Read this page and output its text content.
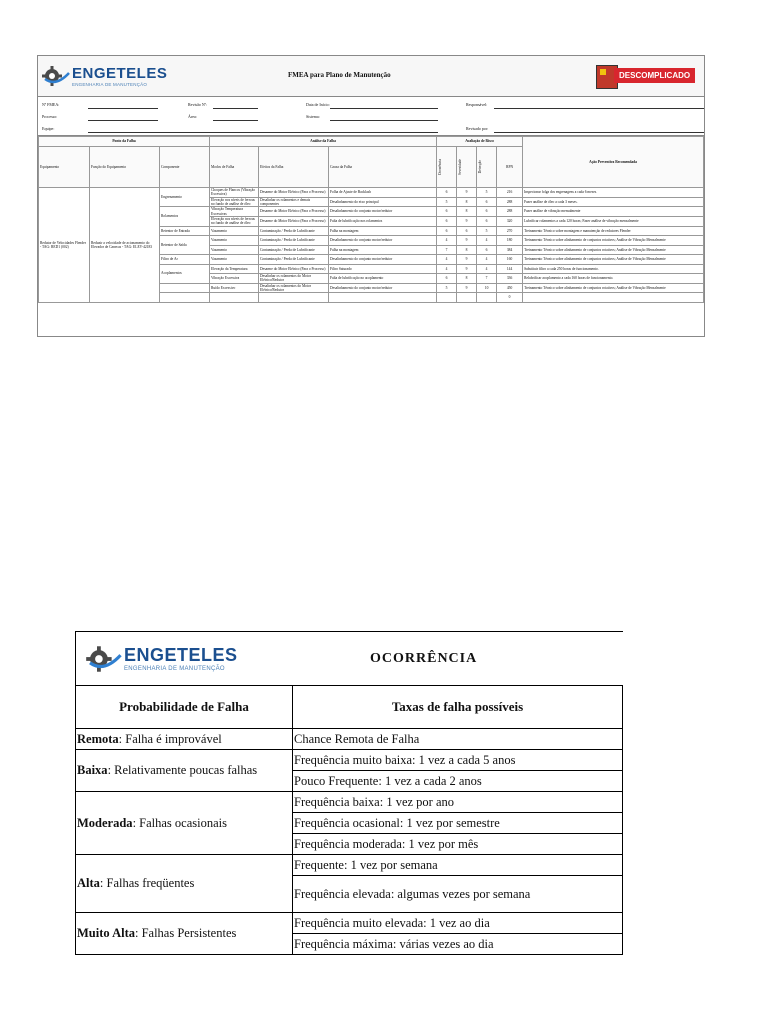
ENGETELES
ENGENHARIA DE MANUTENÇÃO
FMEA para Plano de Manutenção	DESCOMPLICADO
Nº FMEA:	Revisão Nº:	Data de Início:	Responsável:
Processo:	Área:	Sistema:
Equipe:	Revisado por:
Ponto da Falha			Análise da Falha			Avaliação de Risco				Ação Preventiva Recomendada
Equipamento	Função do Equipamento	Componente	Modos de Falha	Efeitos da Falha	Causa da Falha	Ocorrência	Severidade	Detecção	RPN	
Redutor de Velocidades Flender - TAG: RED1 (002)	Reduzir a velocidade de acionamento do Elevador de Canecas - TAG: ELEV-42183	Engrenamento	Choques de Flancos (Vibração Excessiva)	Desarme do Motor Elétrico (Para o Processo)	Folha de Ajuste de Backlash	6	9	5	216	Inspecionar folga dos engrenagens a cada 6 meses.
			Elevação nos níveis de ferrous no fundo de análise de óleo	Desalinhar os rolamentos e demais componentes	Desalinhamento do eixo principal	5	8	6	288	Fazer análise de óleo a cada 3 meses.
		Rolamentos	Vibração Temperatura Excessivas	Desarme do Motor Elétrico (Para o Processo)	Desalinhamento do conjunto motor/redutor	6	8	6	288	Fazer análise de vibração mensalmente
			Elevação nos níveis de ferrous no fundo de análise de óleo	Desarme do Motor Elétrico (Para o Processo)	Falta de lubrificação nos rolamentos	6	9	6	320	Lubrificar rolamentos a cada 120 horas; Fazer análise de vibração mensalmente
		Retentor de Entrada	Vazamento	Contaminação / Perda de Lubrificante	Falha na montagem	6	6	5	270	Treinamento Técnico sobre montagem e manutenção de redutores Flender
		Retentor de Saída	Vazamento	Contaminação / Perda de Lubrificante	Desalinhamento do conjunto motor/redutor	4	9	4	180	Treinamento Técnico sobre alinhamento de conjuntos rotativos; Análise de Vibração Mensalmente
			Vazamento	Contaminação / Perda de Lubrificante	Falha na montagem	7	8	6	384	Treinamento Técnico sobre alinhamento de conjuntos rotativos; Análise de Vibração Mensalmente
		Filtro de Ar	Vazamento	Contaminação / Perda de Lubrificante	Desalinhamento do conjunto motor/redutor	4	9	4	160	Treinamento Técnico sobre alinhamento de conjuntos rotativos; Análise de Vibração Mensalmente
		Acoplamentos	Elevação da Temperatura	Desarme do Motor Elétrico (Para o Processo)	Filtro Saturado	4	9	4	144	Substituir filtro a cada 250 horas de funcionamento.
			Vibração Excessiva	Desalinhar os rolamentos do Motor Elétrico/Redutor	Falta de lubrificação no acoplamento	6	8	7	336	Relubrificar acoplamento a cada 160 horas de funcionamento.
			Ruído Excessivo	Desalinhar os rolamentos do Motor Elétrico/Redutor	Desalinhamento do conjunto motor/redutor	5	9	10	450	Treinamento Técnico sobre alinhamento de conjuntos rotativos; Análise de Vibração Mensalmente
									0	
ENGETELES
ENGENHARIA DE MANUTENÇÃO
OCORRÊNCIA
Probabilidade de Falha	Taxas de falha possíveis
Remota: Falha é improvável	Chance Remota de Falha
Baixa: Relativamente poucas falhas	Frequência muito baixa: 1 vez a cada 5 anos
	Pouco Frequente: 1 vez a cada 2 anos
Moderada: Falhas ocasionais	Frequência baixa: 1 vez por ano
	Frequência ocasional: 1 vez por semestre
	Frequência moderada: 1 vez por mês
Alta: Falhas freqüentes	Frequente: 1 vez por semana
	Frequência elevada: algumas vezes por semana
Muito Alta: Falhas Persistentes	Frequência muito elevada: 1 vez ao dia
	Frequência máxima: várias vezes ao dia
